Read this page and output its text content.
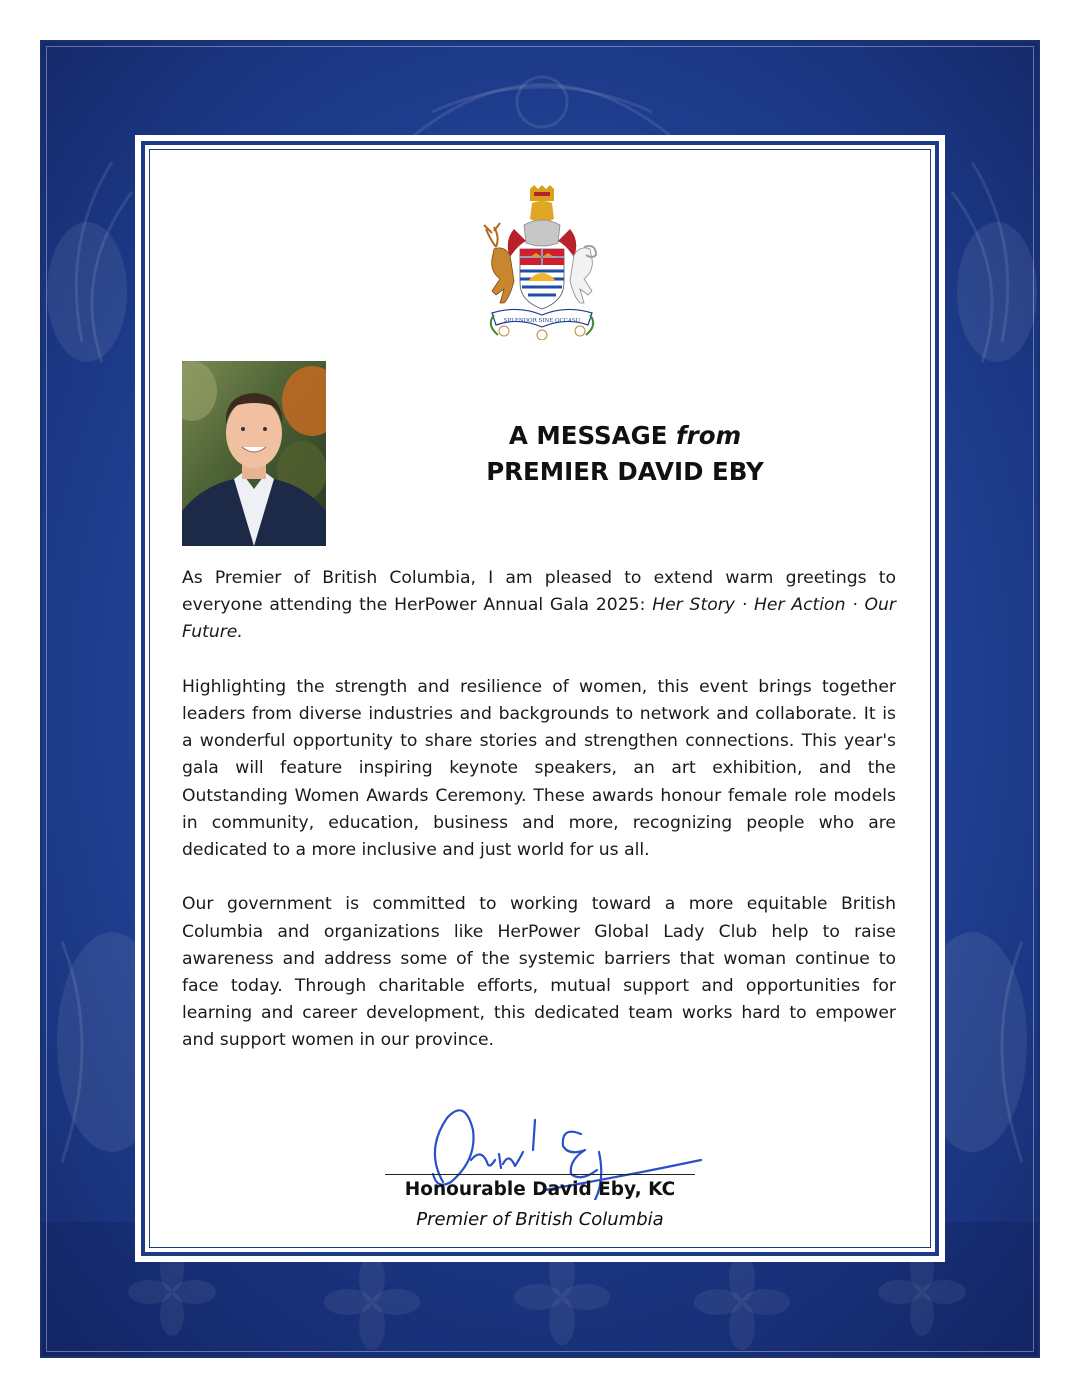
SPLENDOR SINE OCCASU
A MESSAGE from
PREMIER DAVID EBY

As Premier of British Columbia, I am pleased to extend warm greetings to everyone attending the HerPower Annual Gala 2025: Her Story · Her Action · Our Future.

Highlighting the strength and resilience of women, this event brings together leaders from diverse industries and backgrounds to network and collaborate. It is a wonderful opportunity to share stories and strengthen connections. This year's gala will feature inspiring keynote speakers, an art exhibition, and the Outstanding Women Awards Ceremony. These awards honour female role models in community, education, business and more, recognizing people who are dedicated to a more inclusive and just world for us all.

Our government is committed to working toward a more equitable British Columbia and organizations like HerPower Global Lady Club help to raise awareness and address some of the systemic barriers that woman continue to face today. Through charitable efforts, mutual support and opportunities for learning and career development, this dedicated team works hard to empower and support women in our province.

Honourable David Eby, KC
Premier of British Columbia
